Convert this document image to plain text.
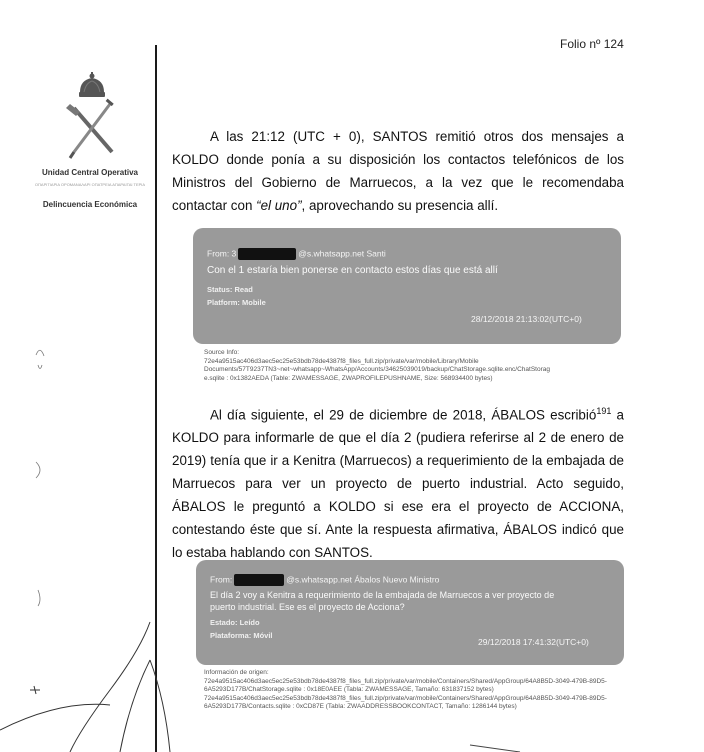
Folio nº 124
Unidad Central Operativa
ΟΠΑΡΙΤΙΑΡΙΑ ΟΡΟΜΑΝΑΛΑΡΙ ΟΠΑΤΡΕΙΑ ΑΠΑΡΑΙΤΑΙ ΤΕΡΙΑ
Delincuencia Económica
A las 21:12 (UTC + 0), SANTOS remitió otros dos mensajes a KOLDO donde ponía a su disposición los contactos telefónicos de los Ministros del Gobierno de Marruecos, a la vez que le recomendaba contactar con “el uno”, aprovechando su presencia allí.
From: 3	@s.whatsapp.net Santi
Con el 1 estaría bien ponerse en contacto estos días que está allí
Status: Read
Platform: Mobile
28/12/2018 21:13:02(UTC+0)
Source Info:
72e4a9515ac406d3aec5ec25e53bdb78de4387f8_files_full.zip/private/var/mobile/Library/Mobile
Documents/57T9237TN3~net~whatsapp~WhatsApp/Accounts/34625039019/backup/ChatStorage.sqlite.enc/ChatStorag
e.sqlite : 0x1382AEDA (Table: ZWAMESSAGE, ZWAPROFILEPUSHNAME, Size: 568934400 bytes)
Al día siguiente, el 29 de diciembre de 2018, ÁBALOS escribió$^{191}$ a KOLDO para informarle de que el día 2 (pudiera referirse al 2 de enero de 2019) tenía que ir a Kenitra (Marruecos) a requerimiento de la embajada de Marruecos para ver un proyecto de puerto industrial. Acto seguido, ÁBALOS le preguntó a KOLDO si ese era el proyecto de ACCIONA, contestando éste que sí. Ante la respuesta afirmativa, ÁBALOS indicó que lo estaba hablando con SANTOS.
From:	@s.whatsapp.net Ábalos Nuevo Ministro
El día 2 voy a Kenitra a requerimiento de la embajada de Marruecos a ver proyecto de
puerto industrial. Ese es el proyecto de Acciona?
Estado: Leído
Plataforma: Móvil
29/12/2018 17:41:32(UTC+0)
Información de origen:
72e4a9515ac406d3aec5ec25e53bdb78de4387f8_files_full.zip/private/var/mobile/Containers/Shared/AppGroup/64A8B5D-3049-479B-89D5-
6A5293D177B/ChatStorage.sqlite : 0x18E0AEE (Tabla: ZWAMESSAGE, Tamaño: 631837152 bytes)
72e4a9515ac406d3aec5ec25e53bdb78de4387f8_files_full.zip/private/var/mobile/Containers/Shared/AppGroup/64A8B5D-3049-479B-89D5-
6A5293D177B/Contacts.sqlite : 0xCD87E (Tabla: ZWAADDRESSBOOKCONTACT, Tamaño: 1286144 bytes)
